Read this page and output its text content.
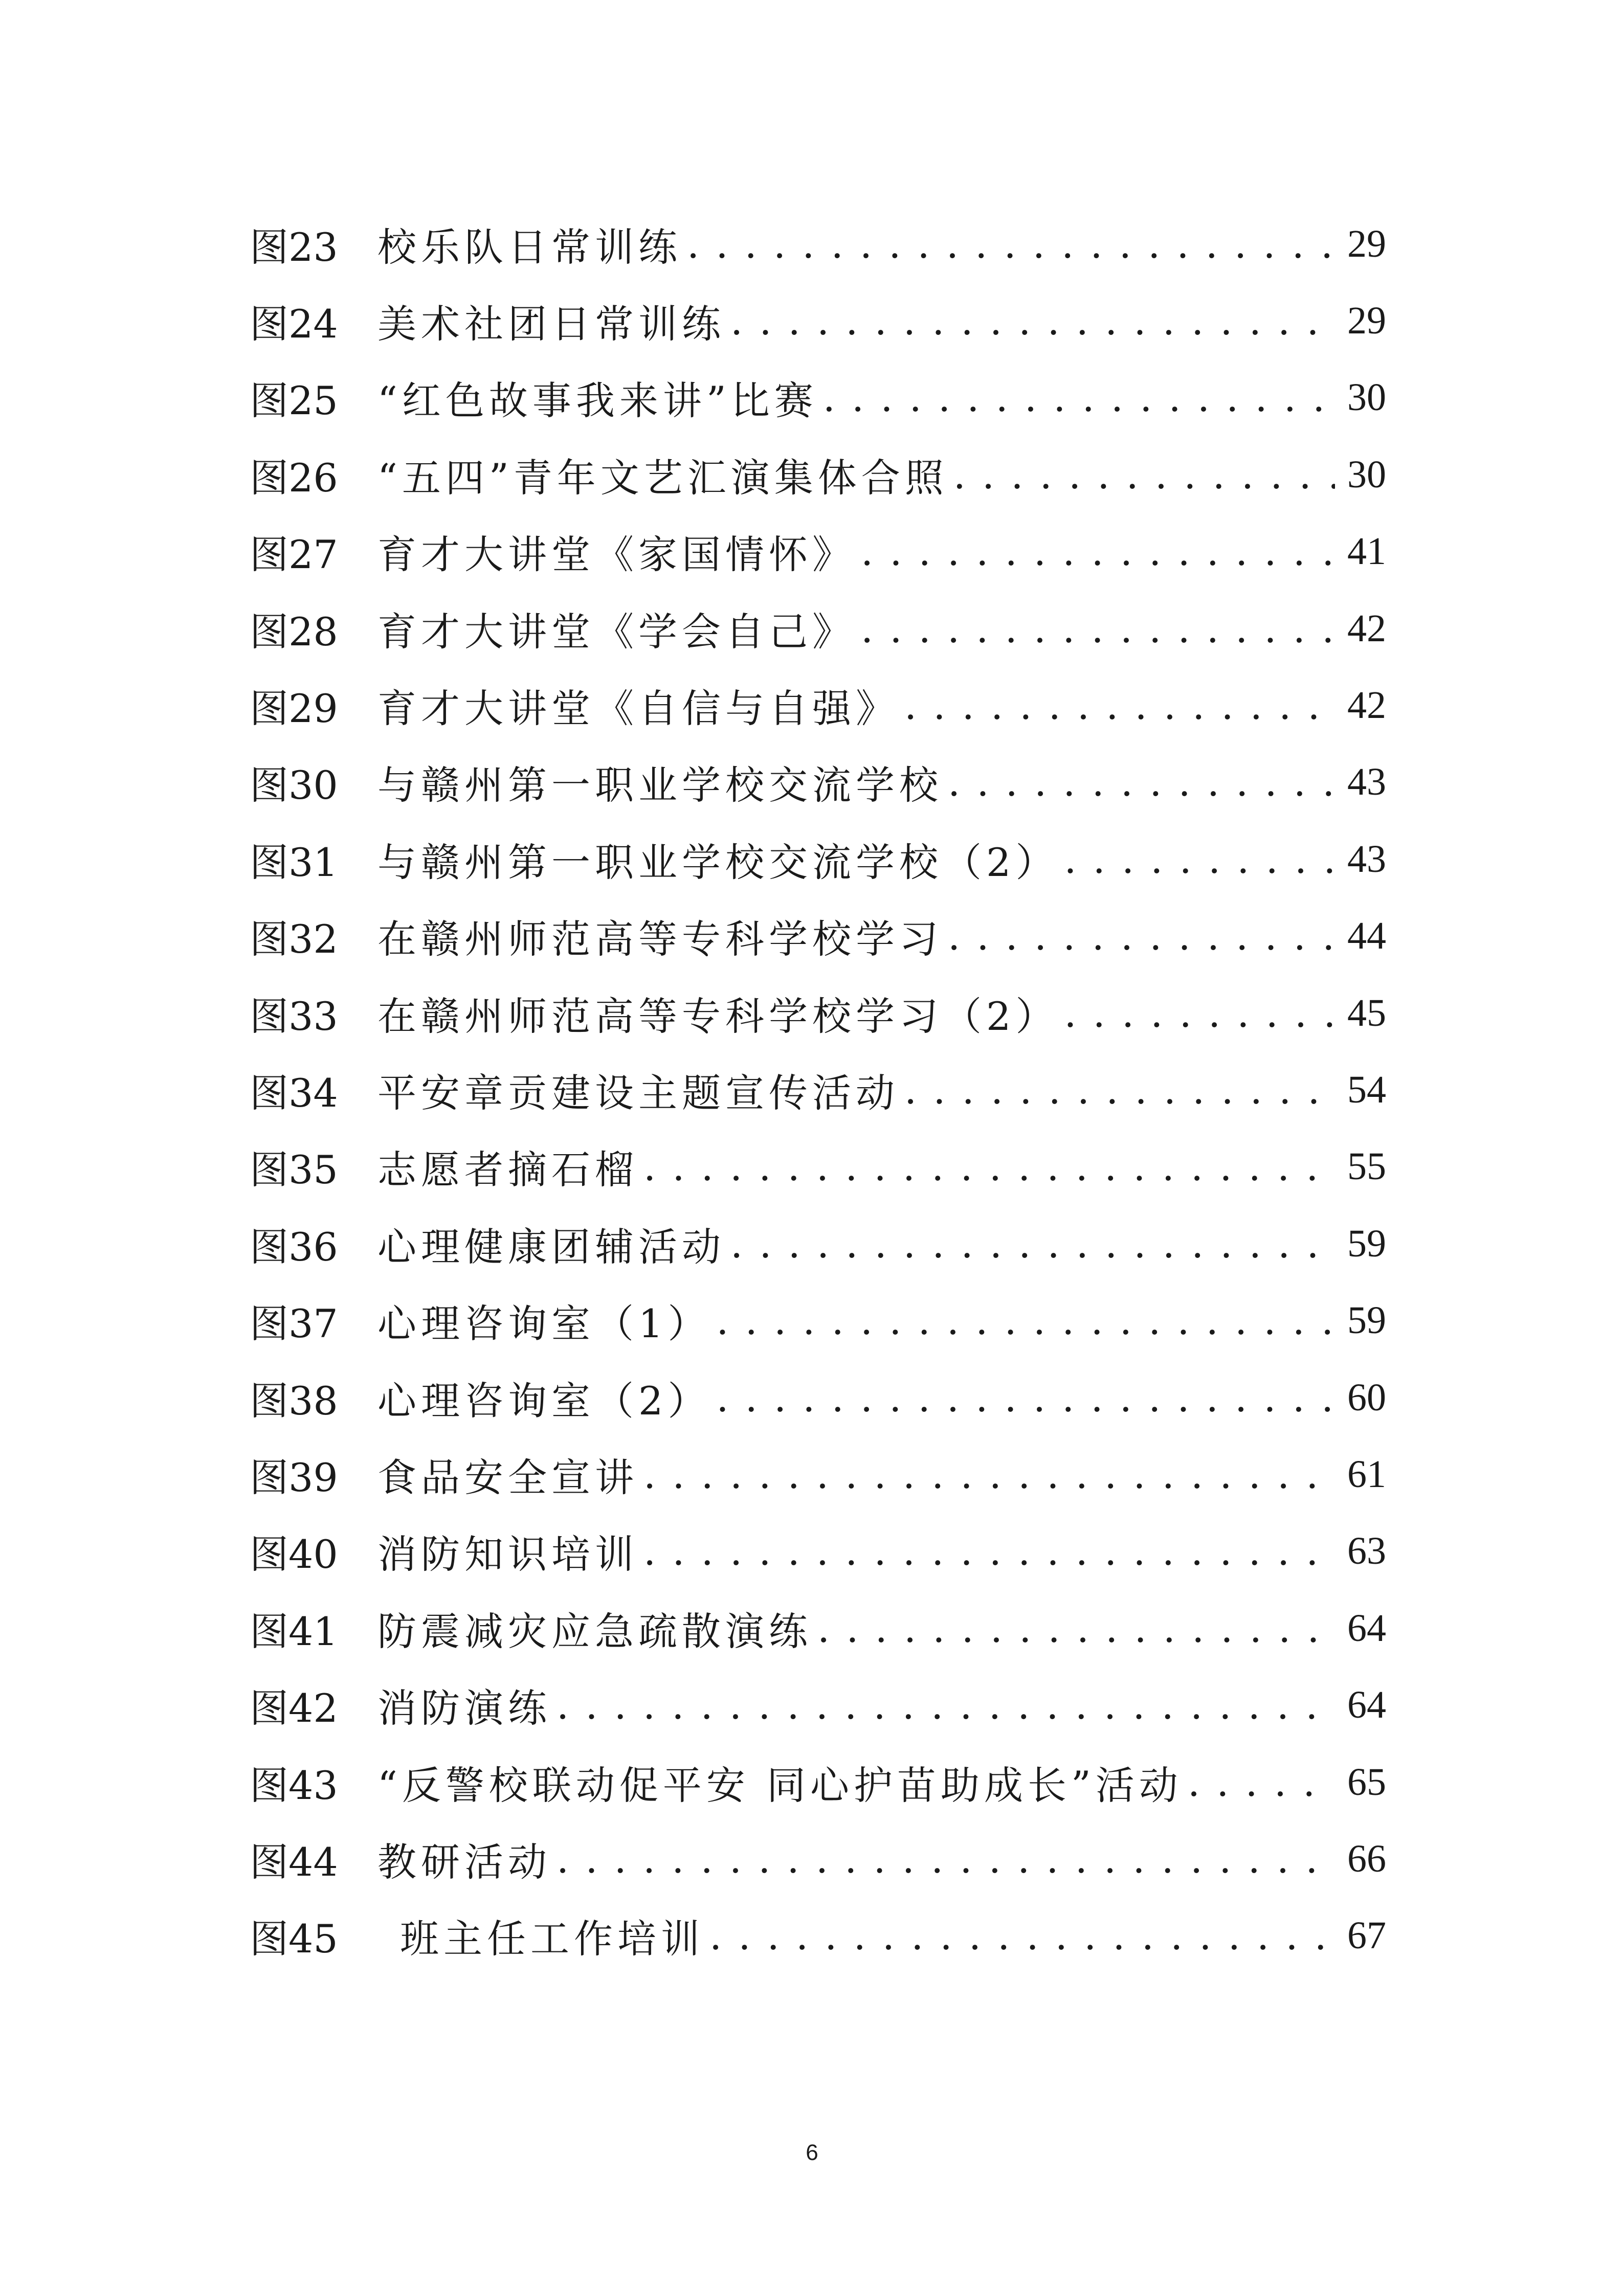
图23	校乐队日常训练 . . .	29
图24	美术社团日常训练 . . .	29
图25	“红色故事我来讲”比赛 . . .	30
图26	“五四”青年文艺汇演集体合照 . . .	30
图27	育才大讲堂《家国情怀》 . . .	41
图28	育才大讲堂《学会自己》 . . .	42
图29	育才大讲堂《自信与自强》 . . .	42
图30	与赣州第一职业学校交流学校 . . .	43
图31	与赣州第一职业学校交流学校（2） . . .	43
图32	在赣州师范高等专科学校学习 . . .	44
图33	在赣州师范高等专科学校学习（2） . . .	45
图34	平安章贡建设主题宣传活动 . . .	54
图35	志愿者摘石榴 . . .	55
图36	心理健康团辅活动 . . .	59
图37	心理咨询室（1） . . .	59
图38	心理咨询室（2） . . .	60
图39	食品安全宣讲 . . .	61
图40	消防知识培训 . . .	63
图41	防震减灾应急疏散演练 . . .	64
图42	消防演练 . . .	64
图43	“反警校联动促平安 同心护苗助成长”活动 . . .	65
图44	教研活动 . . .	66
图45	班主任工作培训 . . .	67
6
